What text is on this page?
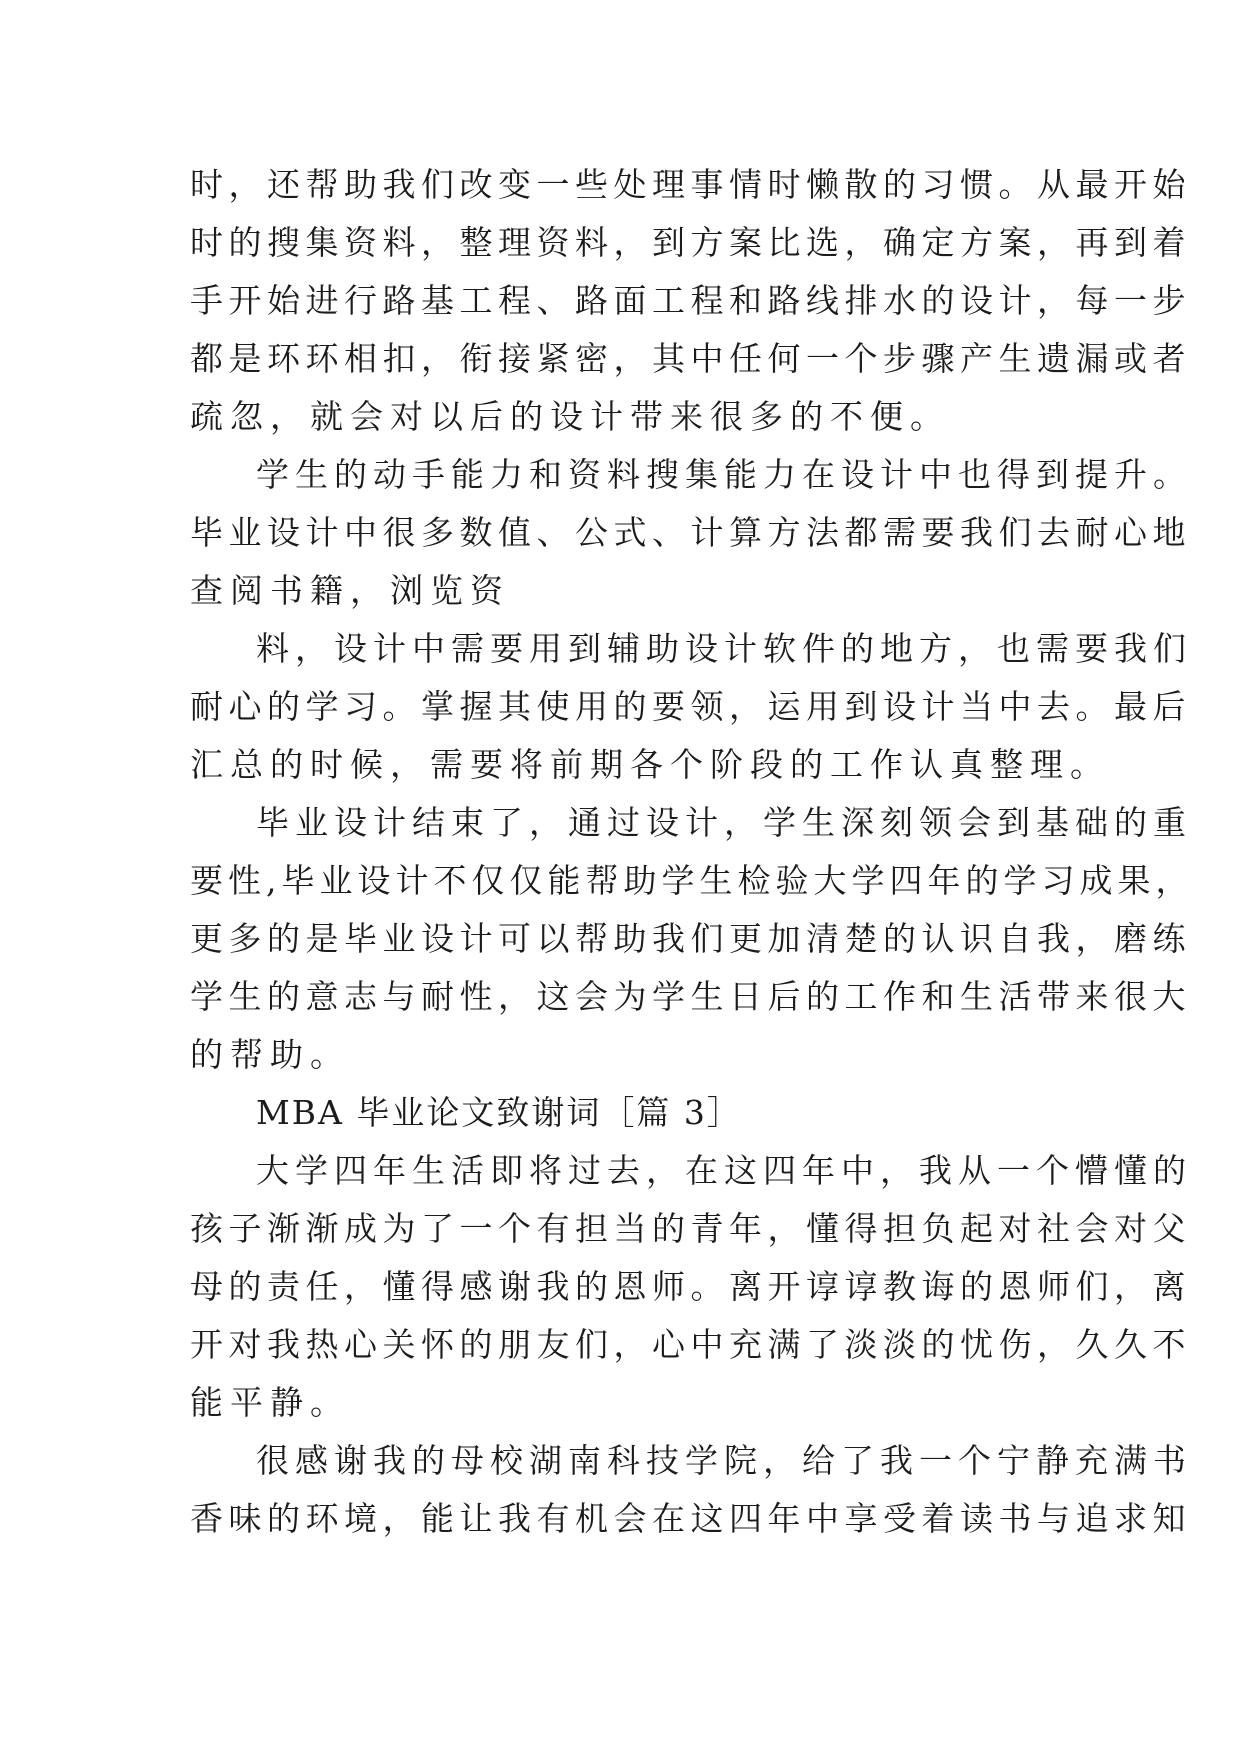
时，还帮助我们改变一些处理事情时懒散的习惯。从最开始

时的搜集资料，整理资料，到方案比选，确定方案，再到着

手开始进行路基工程、路面工程和路线排水的设计，每一步

都是环环相扣，衔接紧密，其中任何一个步骤产生遗漏或者

疏忽，就会对以后的设计带来很多的不便。

学生的动手能力和资料搜集能力在设计中也得到提升。

毕业设计中很多数值、公式、计算方法都需要我们去耐心地

查阅书籍，浏览资

料，设计中需要用到辅助设计软件的地方，也需要我们

耐心的学习。掌握其使用的要领，运用到设计当中去。最后

汇总的时候，需要将前期各个阶段的工作认真整理。

毕业设计结束了，通过设计，学生深刻领会到基础的重

要性,毕业设计不仅仅能帮助学生检验大学四年的学习成果，

更多的是毕业设计可以帮助我们更加清楚的认识自我，磨练

学生的意志与耐性，这会为学生日后的工作和生活带来很大

的帮助。

MBA 毕业论文致谢词［篇 3］

大学四年生活即将过去，在这四年中，我从一个懵懂的

孩子渐渐成为了一个有担当的青年，懂得担负起对社会对父

母的责任，懂得感谢我的恩师。离开谆谆教诲的恩师们，离

开对我热心关怀的朋友们，心中充满了淡淡的忧伤，久久不

能平静。

很感谢我的母校湖南科技学院，给了我一个宁静充满书

香味的环境，能让我有机会在这四年中享受着读书与追求知
